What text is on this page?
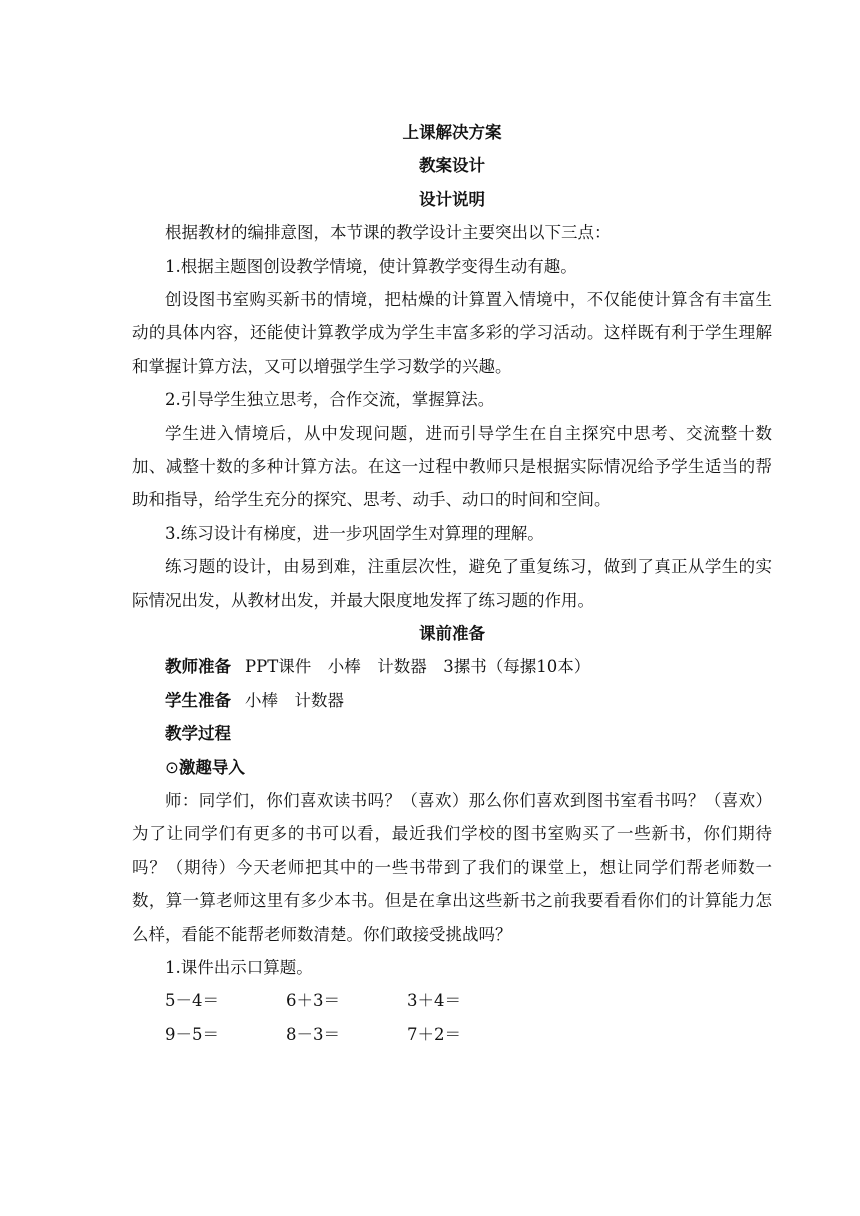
上课解决方案
教案设计
设计说明
根据教材的编排意图，本节课的教学设计主要突出以下三点：
1.根据主题图创设教学情境，使计算教学变得生动有趣。
创设图书室购买新书的情境，把枯燥的计算置入情境中，不仅能使计算含有丰富生动的具体内容，还能使计算教学成为学生丰富多彩的学习活动。这样既有利于学生理解和掌握计算方法，又可以增强学生学习数学的兴趣。
2.引导学生独立思考，合作交流，掌握算法。
学生进入情境后，从中发现问题，进而引导学生在自主探究中思考、交流整十数加、减整十数的多种计算方法。在这一过程中教师只是根据实际情况给予学生适当的帮助和指导，给学生充分的探究、思考、动手、动口的时间和空间。
3.练习设计有梯度，进一步巩固学生对算理的理解。
练习题的设计，由易到难，注重层次性，避免了重复练习，做到了真正从学生的实际情况出发，从教材出发，并最大限度地发挥了练习题的作用。
课前准备
教师准备 PPT课件　小棒　计数器　3摞书（每摞10本）
学生准备 小棒　计数器
教学过程
⊙激趣导入
师：同学们，你们喜欢读书吗？（喜欢）那么你们喜欢到图书室看书吗？（喜欢）为了让同学们有更多的书可以看，最近我们学校的图书室购买了一些新书，你们期待吗？（期待）今天老师把其中的一些书带到了我们的课堂上，想让同学们帮老师数一数，算一算老师这里有多少本书。但是在拿出这些新书之前我要看看你们的计算能力怎么样，看能不能帮老师数清楚。你们敢接受挑战吗？
1.课件出示口算题。
5－4＝	6＋3＝	3＋4＝
9－5＝	8－3＝	7＋2＝
